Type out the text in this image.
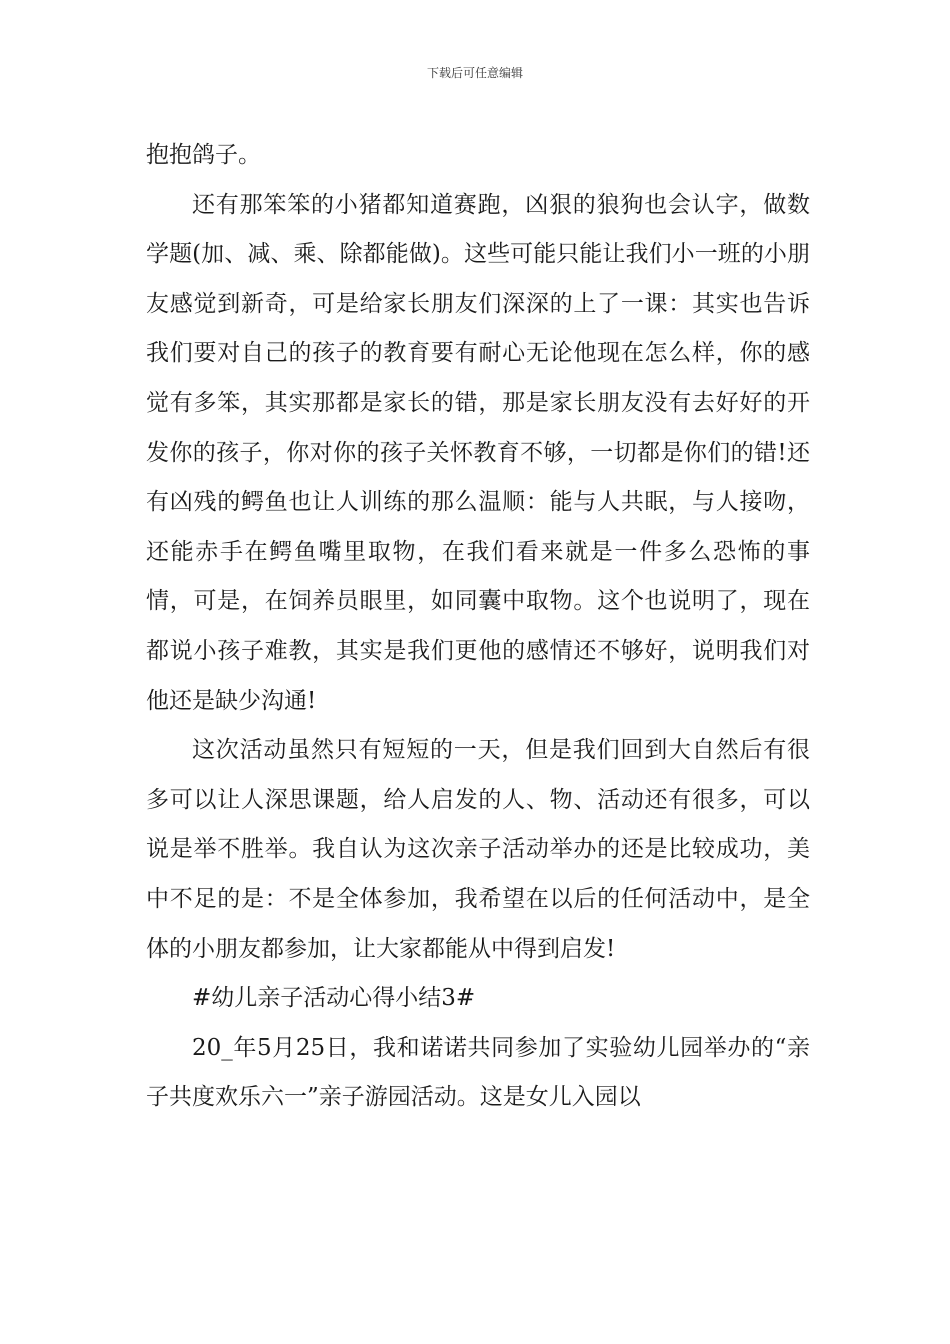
下载后可任意编辑

抱抱鸽子。

还有那笨笨的小猪都知道赛跑，凶狠的狼狗也会认字，做数学题(加、减、乘、除都能做)。这些可能只能让我们小一班的小朋友感觉到新奇，可是给家长朋友们深深的上了一课：其实也告诉我们要对自己的孩子的教育要有耐心无论他现在怎么样，你的感觉有多笨，其实那都是家长的错，那是家长朋友没有去好好的开发你的孩子，你对你的孩子关怀教育不够，一切都是你们的错!还有凶残的鳄鱼也让人训练的那么温顺：能与人共眠，与人接吻，还能赤手在鳄鱼嘴里取物，在我们看来就是一件多么恐怖的事情，可是，在饲养员眼里，如同囊中取物。这个也说明了，现在都说小孩子难教，其实是我们更他的感情还不够好，说明我们对他还是缺少沟通!

这次活动虽然只有短短的一天，但是我们回到大自然后有很多可以让人深思课题，给人启发的人、物、活动还有很多，可以说是举不胜举。我自认为这次亲子活动举办的还是比较成功，美中不足的是：不是全体参加，我希望在以后的任何活动中，是全体的小朋友都参加，让大家都能从中得到启发!

#幼儿亲子活动心得小结3#

20_年5月25日，我和诺诺共同参加了实验幼儿园举办的“亲子共度欢乐六一”亲子游园活动。这是女儿入园以
